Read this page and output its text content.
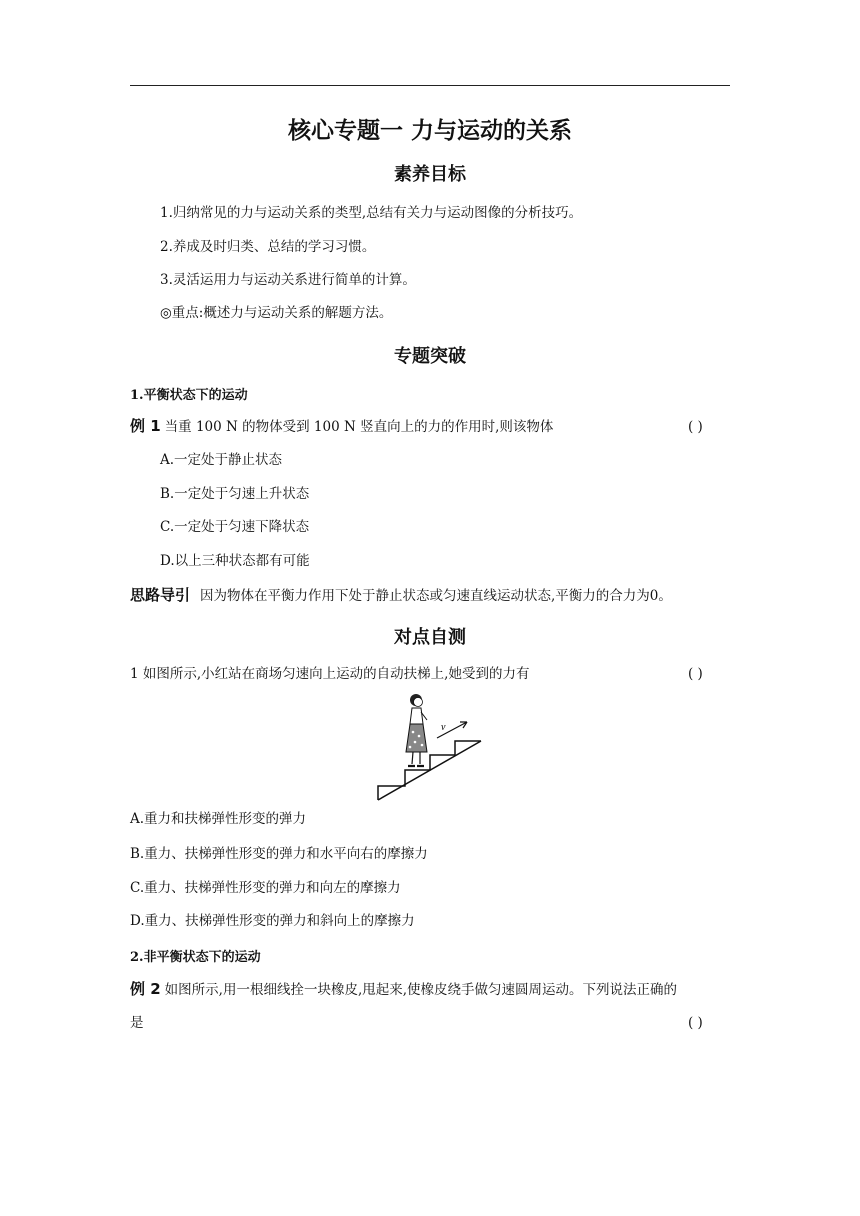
核心专题一 力与运动的关系
素养目标
1.归纳常见的力与运动关系的类型,总结有关力与运动图像的分析技巧。
2.养成及时归类、总结的学习习惯。
3.灵活运用力与运动关系进行简单的计算。
◎重点:概述力与运动关系的解题方法。
专题突破
1.平衡状态下的运动
例 1 当重 100 N 的物体受到 100 N 竖直向上的力的作用时,则该物体	( )
A.一定处于静止状态
B.一定处于匀速上升状态
C.一定处于匀速下降状态
D.以上三种状态都有可能
思路导引 因为物体在平衡力作用下处于静止状态或匀速直线运动状态,平衡力的合力为0。
对点自测
1 如图所示,小红站在商场匀速向上运动的自动扶梯上,她受到的力有	( )
v
A.重力和扶梯弹性形变的弹力
B.重力、扶梯弹性形变的弹力和水平向右的摩擦力
C.重力、扶梯弹性形变的弹力和向左的摩擦力
D.重力、扶梯弹性形变的弹力和斜向上的摩擦力
2.非平衡状态下的运动
例 2 如图所示,用一根细线拴一块橡皮,甩起来,使橡皮绕手做匀速圆周运动。下列说法正确的
是	( )
